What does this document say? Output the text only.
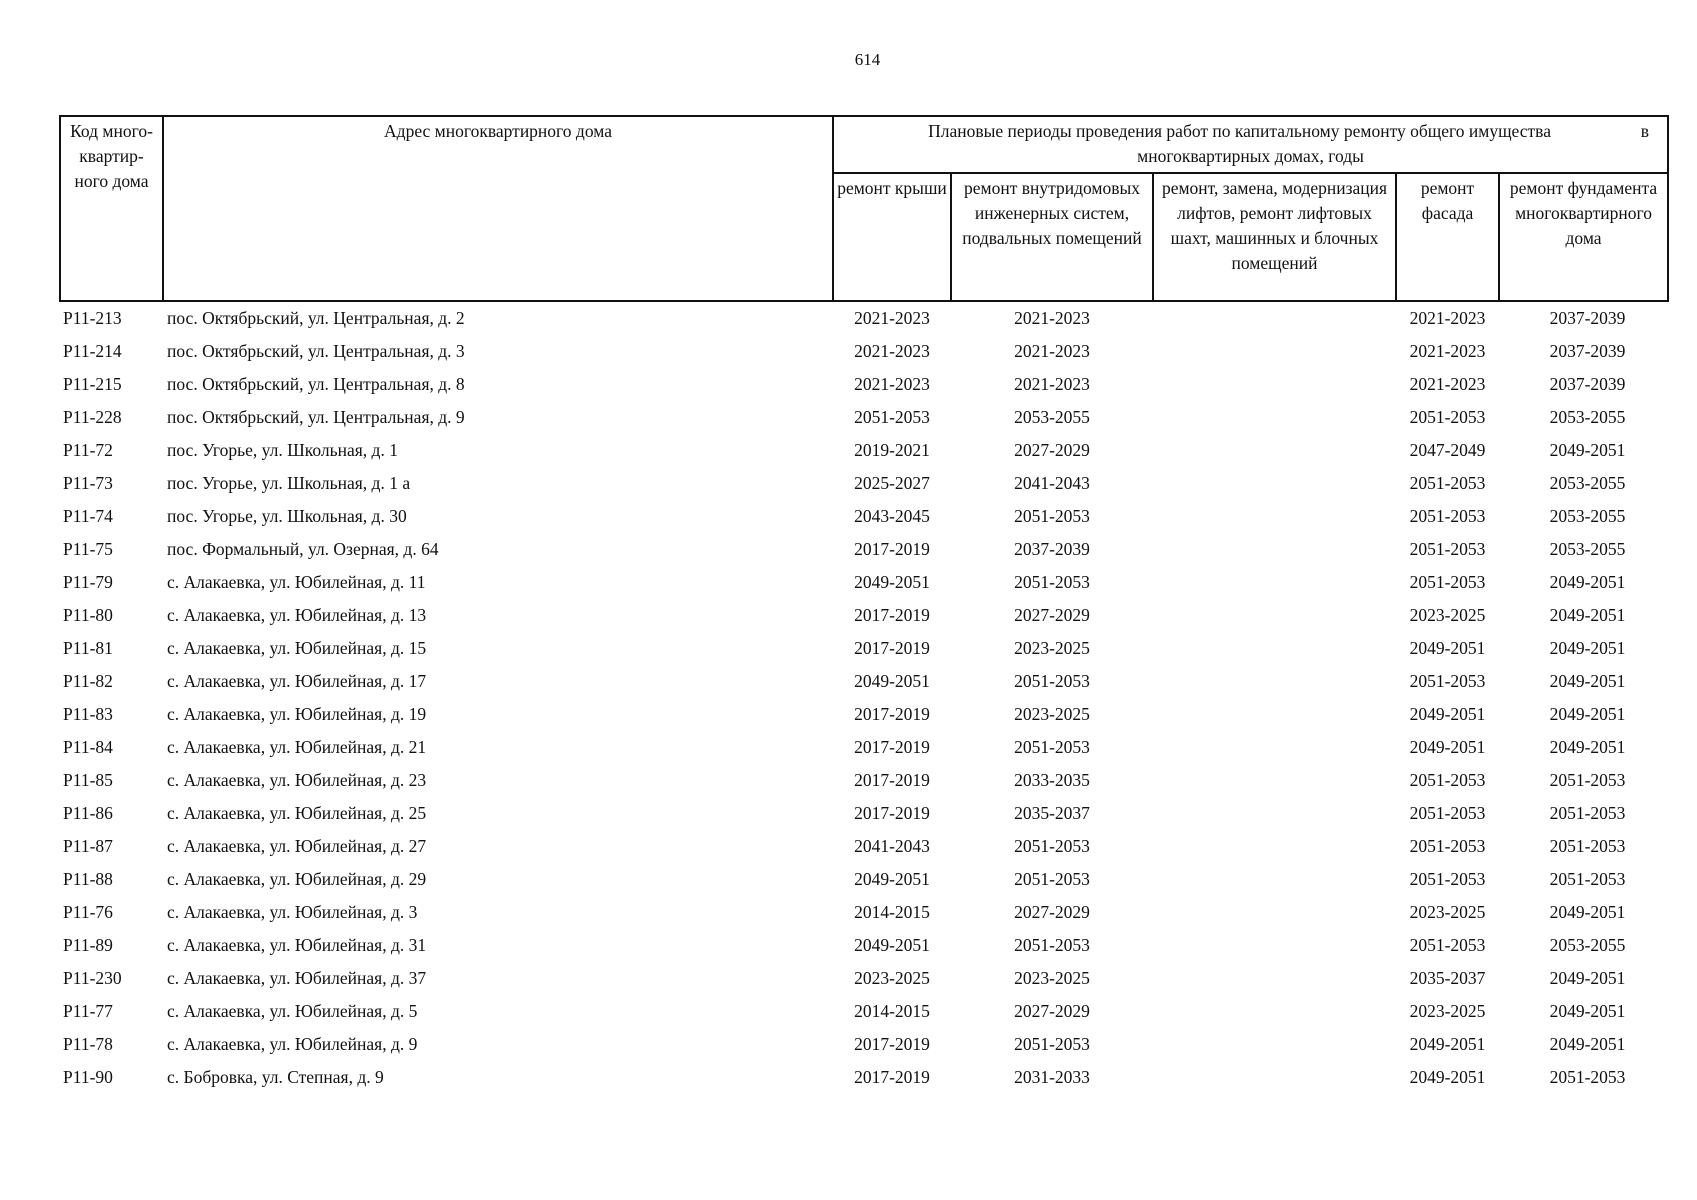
614
Код много-квартир-ного дома	Адрес многоквартирного дома	Плановые периоды проведения работ по капитальному ремонту общего имущества в
многоквартирных домах, годы				

		ремонт крыши	ремонт внутридомовых инженерных систем, подвальных помещений	ремонт, замена, модернизация лифтов, ремонт лифтовых шахт, машинных и блочных помещений	ремонт фасада	ремонт фундамента многоквартирного дома
Р11-213	пос. Октябрьский, ул. Центральная, д. 2	2021-2023	2021-2023		2021-2023	2037-2039
Р11-214	пос. Октябрьский, ул. Центральная, д. 3	2021-2023	2021-2023		2021-2023	2037-2039
Р11-215	пос. Октябрьский, ул. Центральная, д. 8	2021-2023	2021-2023		2021-2023	2037-2039
Р11-228	пос. Октябрьский, ул. Центральная, д. 9	2051-2053	2053-2055		2051-2053	2053-2055
Р11-72	пос. Угорье, ул. Школьная, д. 1	2019-2021	2027-2029		2047-2049	2049-2051
Р11-73	пос. Угорье, ул. Школьная, д. 1 а	2025-2027	2041-2043		2051-2053	2053-2055
Р11-74	пос. Угорье, ул. Школьная, д. 30	2043-2045	2051-2053		2051-2053	2053-2055
Р11-75	пос. Формальный, ул. Озерная, д. 64	2017-2019	2037-2039		2051-2053	2053-2055
Р11-79	с. Алакаевка, ул. Юбилейная, д. 11	2049-2051	2051-2053		2051-2053	2049-2051
Р11-80	с. Алакаевка, ул. Юбилейная, д. 13	2017-2019	2027-2029		2023-2025	2049-2051
Р11-81	с. Алакаевка, ул. Юбилейная, д. 15	2017-2019	2023-2025		2049-2051	2049-2051
Р11-82	с. Алакаевка, ул. Юбилейная, д. 17	2049-2051	2051-2053		2051-2053	2049-2051
Р11-83	с. Алакаевка, ул. Юбилейная, д. 19	2017-2019	2023-2025		2049-2051	2049-2051
Р11-84	с. Алакаевка, ул. Юбилейная, д. 21	2017-2019	2051-2053		2049-2051	2049-2051
Р11-85	с. Алакаевка, ул. Юбилейная, д. 23	2017-2019	2033-2035		2051-2053	2051-2053
Р11-86	с. Алакаевка, ул. Юбилейная, д. 25	2017-2019	2035-2037		2051-2053	2051-2053
Р11-87	с. Алакаевка, ул. Юбилейная, д. 27	2041-2043	2051-2053		2051-2053	2051-2053
Р11-88	с. Алакаевка, ул. Юбилейная, д. 29	2049-2051	2051-2053		2051-2053	2051-2053
Р11-76	с. Алакаевка, ул. Юбилейная, д. 3	2014-2015	2027-2029		2023-2025	2049-2051
Р11-89	с. Алакаевка, ул. Юбилейная, д. 31	2049-2051	2051-2053		2051-2053	2053-2055
Р11-230	с. Алакаевка, ул. Юбилейная, д. 37	2023-2025	2023-2025		2035-2037	2049-2051
Р11-77	с. Алакаевка, ул. Юбилейная, д. 5	2014-2015	2027-2029		2023-2025	2049-2051
Р11-78	с. Алакаевка, ул. Юбилейная, д. 9	2017-2019	2051-2053		2049-2051	2049-2051
Р11-90	с. Бобровка, ул. Степная, д. 9	2017-2019	2031-2033		2049-2051	2051-2053
